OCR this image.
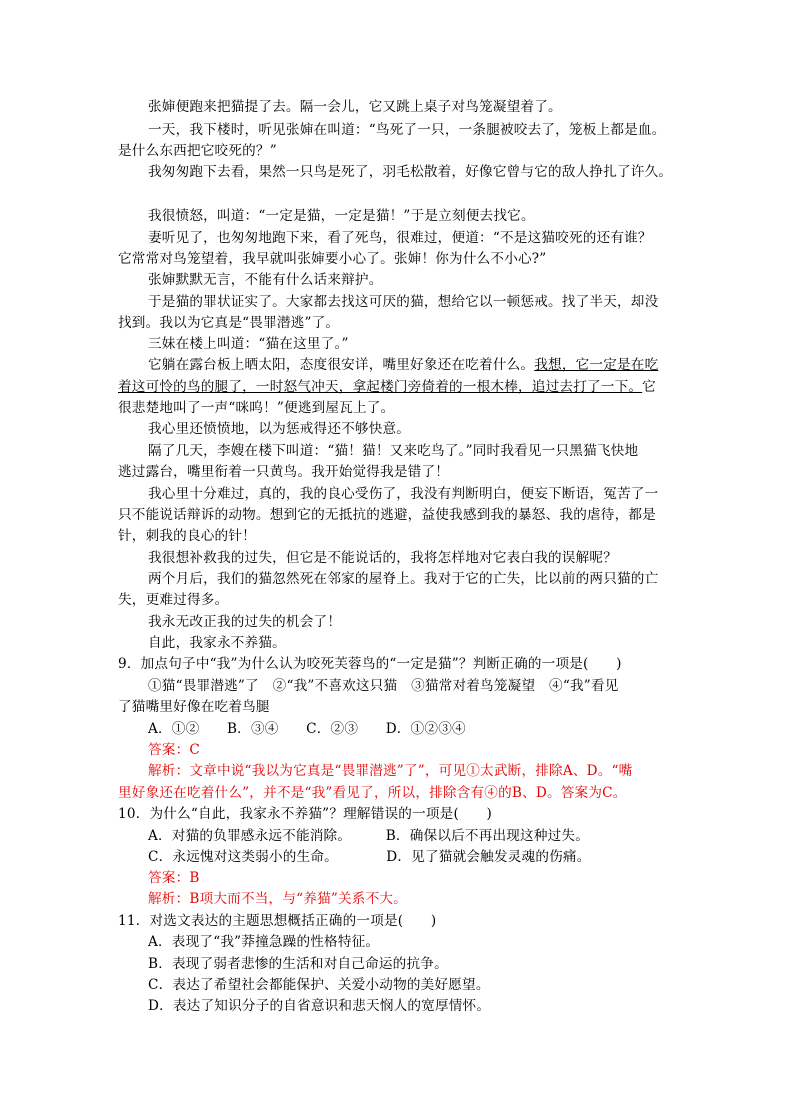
张婶便跑来把猫提了去。隔一会儿，它又跳上桌子对鸟笼凝望着了。
一天，我下楼时，听见张婶在叫道：“鸟死了一只，一条腿被咬去了，笼板上都是血。
是什么东西把它咬死的？”
我匆匆跑下去看，果然一只鸟是死了，羽毛松散着，好像它曾与它的敌人挣扎了许久。
我很愤怒，叫道：“一定是猫，一定是猫！”于是立刻便去找它。
妻听见了，也匆匆地跑下来，看了死鸟，很难过，便道：“不是这猫咬死的还有谁？
它常常对鸟笼望着，我早就叫张婶要小心了。张婶！你为什么不小心?”
张婶默默无言，不能有什么话来辩护。
于是猫的罪状证实了。大家都去找这可厌的猫，想给它以一顿惩戒。找了半天，却没
找到。我以为它真是“畏罪潜逃”了。
三妹在楼上叫道：“猫在这里了。”
它躺在露台板上晒太阳，态度很安详，嘴里好象还在吃着什么。我想，它一定是在吃
着这可怜的鸟的腿了，一时怒气冲天，拿起楼门旁倚着的一根木棒，追过去打了一下。它
很悲楚地叫了一声“咪呜！”便逃到屋瓦上了。
我心里还愤愤地，以为惩戒得还不够快意。
隔了几天，李嫂在楼下叫道：“猫！猫！又来吃鸟了。”同时我看见一只黑猫飞快地
逃过露台，嘴里衔着一只黄鸟。我开始觉得我是错了！
我心里十分难过，真的，我的良心受伤了，我没有判断明白，便妄下断语，冤苦了一
只不能说话辩诉的动物。想到它的无抵抗的逃避，益使我感到我的暴怒、我的虐待，都是
针，刺我的良心的针！
我很想补救我的过失，但它是不能说话的，我将怎样地对它表白我的误解呢？
两个月后，我们的猫忽然死在邻家的屋脊上。我对于它的亡失，比以前的两只猫的亡
失，更难过得多。
我永无改正我的过失的机会了！
自此，我家永不养猫。
9．加点句子中“我”为什么认为咬死芙蓉鸟的“一定是猫”？判断正确的一项是(　　)
①猫“畏罪潜逃”了　②“我”不喜欢这只猫　③猫常对着鸟笼凝望　④“我”看见
了猫嘴里好像在吃着鸟腿
A．①②　　B．③④　　C．②③　　D．①②③④
答案：C
解析：文章中说“我以为它真是“畏罪潜逃”了”，可见①太武断，排除A、D。“嘴
里好象还在吃着什么”，并不是“我”看见了，所以，排除含有④的B、D。答案为C。
10．为什么“自此，我家永不养猫”？理解错误的一项是(　　)
A．对猫的负罪感永远不能消除。　　　B．确保以后不再出现这种过失。
C．永远愧对这类弱小的生命。　　　　D．见了猫就会触发灵魂的伤痛。
答案：B
解析：B项大而不当，与“养猫”关系不大。
11．对选文表达的主题思想概括正确的一项是(　　)
A．表现了“我”莽撞急躁的性格特征。
B．表现了弱者悲惨的生活和对自己命运的抗争。
C．表达了希望社会都能保护、关爱小动物的美好愿望。
D．表达了知识分子的自省意识和悲天悯人的宽厚情怀。
